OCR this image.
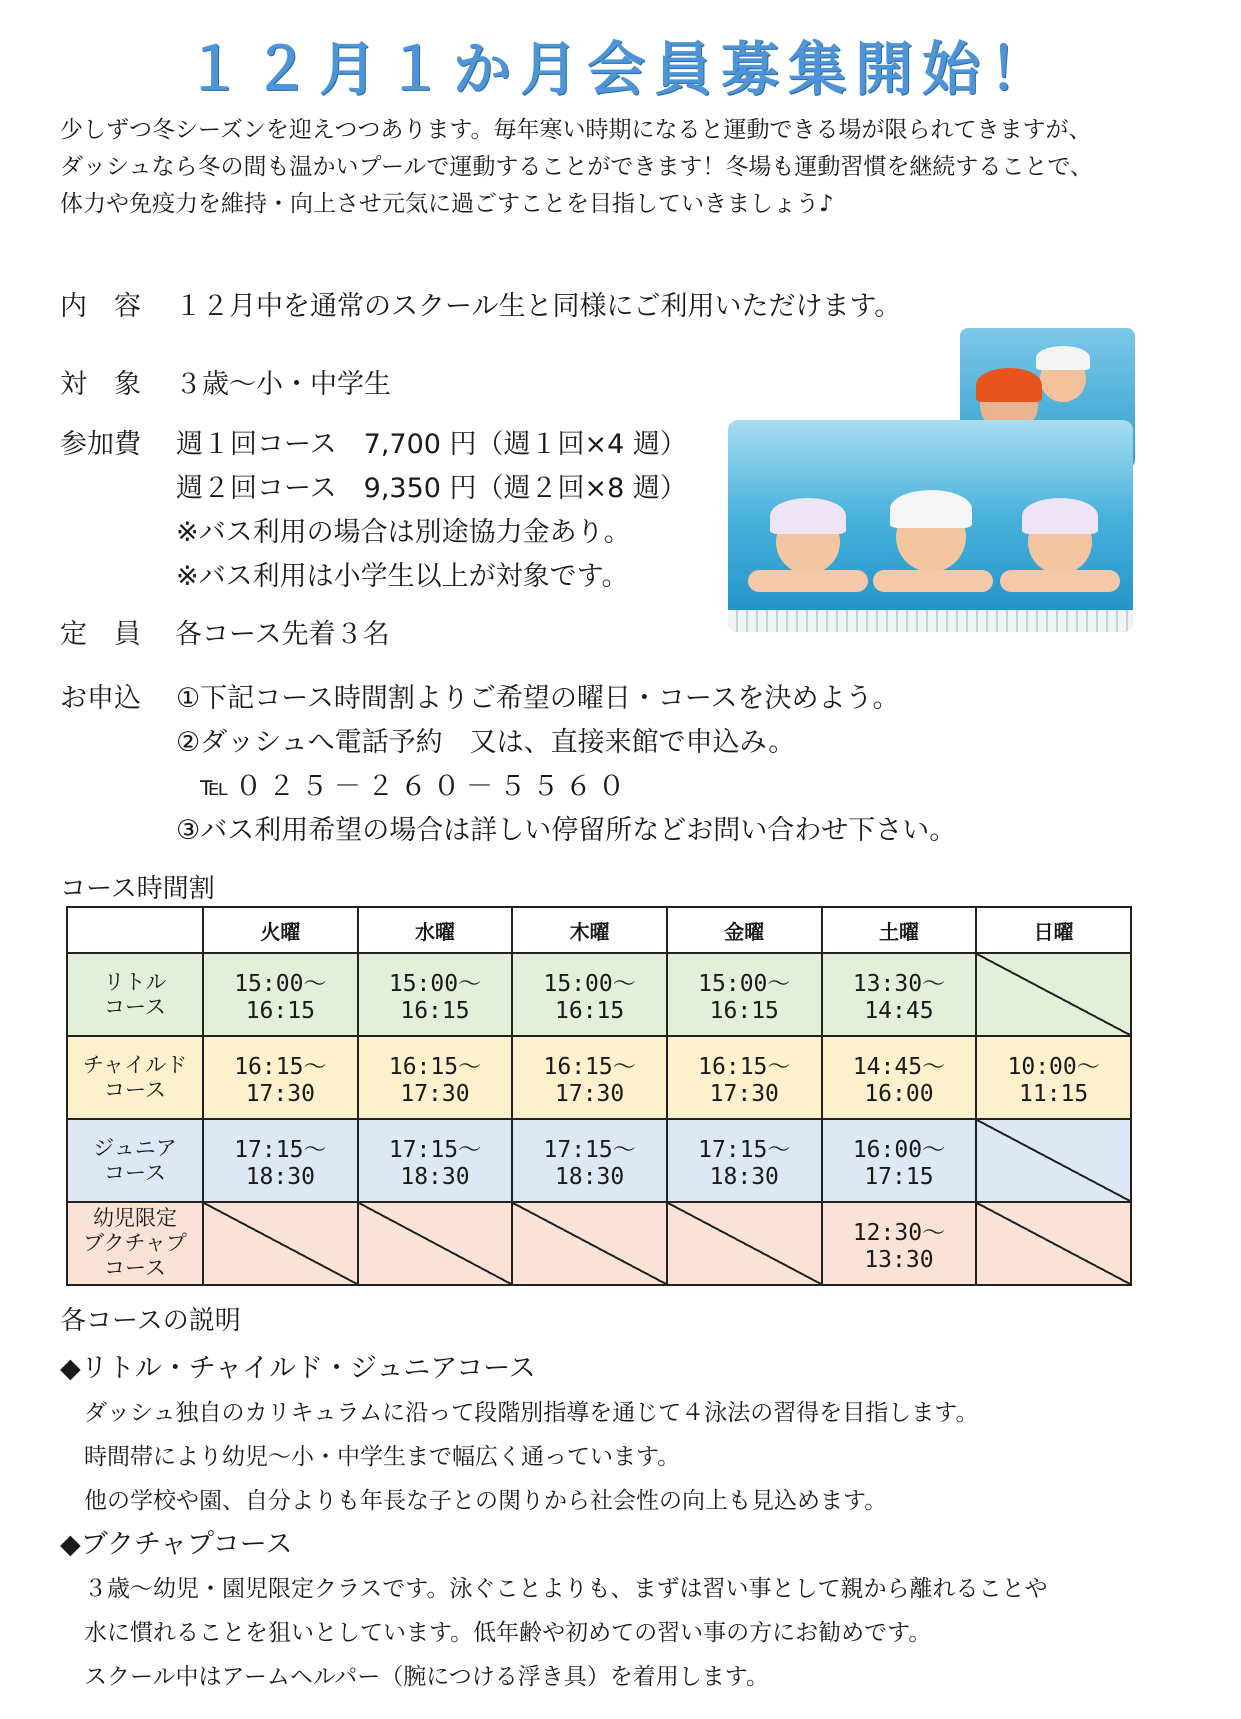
１２月１か月会員募集開始！
少しずつ冬シーズンを迎えつつあります。毎年寒い時期になると運動できる場が限られてきますが、
ダッシュなら冬の間も温かいプールで運動することができます！冬場も運動習慣を継続することで、
体力や免疫力を維持・向上させ元気に過ごすことを目指していきましょう♪
内　容 １２月中を通常のスクール生と同様にご利用いただけます。
対　象 ３歳～小・中学生
参加費 週１回コース　7,700 円（週１回×4 週）
週２回コース　9,350 円（週２回×8 週）
※バス利用の場合は別途協力金あり。
※バス利用は小学生以上が対象です。
定　員 各コース先着３名
お申込 ①下記コース時間割よりご希望の曜日・コースを決めよう。
②ダッシュへ電話予約　又は、直接来館で申込み。
℡０２５－２６０－５５６０
③バス利用希望の場合は詳しい停留所などお問い合わせ下さい。
コース時間割
	火曜	水曜	木曜	金曜	土曜	日曜

リトル
コース	15:00～16:15	15:00～16:15	15:00～16:15	15:00～16:15	13:30～14:45	

チャイルド
コース	16:15～17:30	16:15～17:30	16:15～17:30	16:15～17:30	14:45～16:00	10:00～11:15

ジュニア
コース	17:15～18:30	17:15～18:30	17:15～18:30	17:15～18:30	16:00～17:15	

幼児限定
ブクチャプ
コース					12:30～13:30	
各コースの説明
◆リトル・チャイルド・ジュニアコース
ダッシュ独自のカリキュラムに沿って段階別指導を通じて４泳法の習得を目指します。
時間帯により幼児～小・中学生まで幅広く通っています。
他の学校や園、自分よりも年長な子との関りから社会性の向上も見込めます。
◆ブクチャプコース
３歳～幼児・園児限定クラスです。泳ぐことよりも、まずは習い事として親から離れることや
水に慣れることを狙いとしています。低年齢や初めての習い事の方にお勧めです。
スクール中はアームヘルパー（腕につける浮き具）を着用します。
